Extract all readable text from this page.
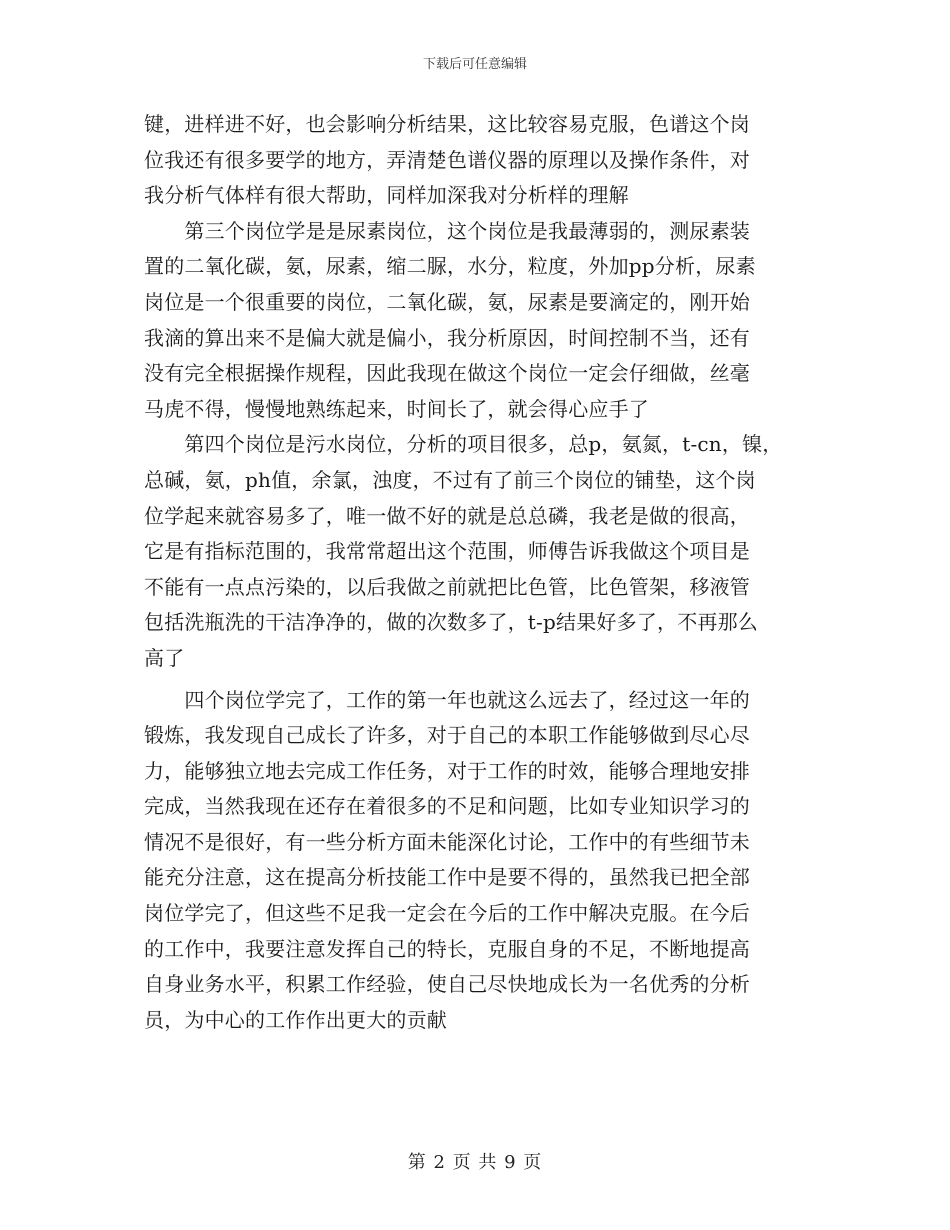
下载后可任意编辑

键，进样进不好，也会影响分析结果，这比较容易克服，色谱这个岗

位我还有很多要学的地方，弄清楚色谱仪器的原理以及操作条件，对

我分析气体样有很大帮助，同样加深我对分析样的理解

　　第三个岗位学是是尿素岗位，这个岗位是我最薄弱的，测尿素装

置的二氧化碳，氨，尿素，缩二脲，水分，粒度，外加pp分析，尿素

岗位是一个很重要的岗位，二氧化碳，氨，尿素是要滴定的，刚开始

我滴的算出来不是偏大就是偏小，我分析原因，时间控制不当，还有

没有完全根据操作规程，因此我现在做这个岗位一定会仔细做，丝毫

马虎不得，慢慢地熟练起来，时间长了，就会得心应手了

　　第四个岗位是污水岗位，分析的项目很多，总p，氨氮，t-cn，镍，

总碱，氨，ph值，余氯，浊度，不过有了前三个岗位的铺垫，这个岗

位学起来就容易多了，唯一做不好的就是总总磷，我老是做的很高，

它是有指标范围的，我常常超出这个范围，师傅告诉我做这个项目是

不能有一点点污染的，以后我做之前就把比色管，比色管架，移液管

包括洗瓶洗的干洁净净的，做的次数多了，t-p结果好多了，不再那么

高了

　　四个岗位学完了，工作的第一年也就这么远去了，经过这一年的

锻炼，我发现自己成长了许多，对于自己的本职工作能够做到尽心尽

力，能够独立地去完成工作任务，对于工作的时效，能够合理地安排

完成，当然我现在还存在着很多的不足和问题，比如专业知识学习的

情况不是很好，有一些分析方面未能深化讨论，工作中的有些细节未

能充分注意，这在提高分析技能工作中是要不得的，虽然我已把全部

岗位学完了，但这些不足我一定会在今后的工作中解决克服。在今后

的工作中，我要注意发挥自己的特长，克服自身的不足，不断地提高

自身业务水平，积累工作经验，使自己尽快地成长为一名优秀的分析

员，为中心的工作作出更大的贡献

第 2 页 共 9 页
